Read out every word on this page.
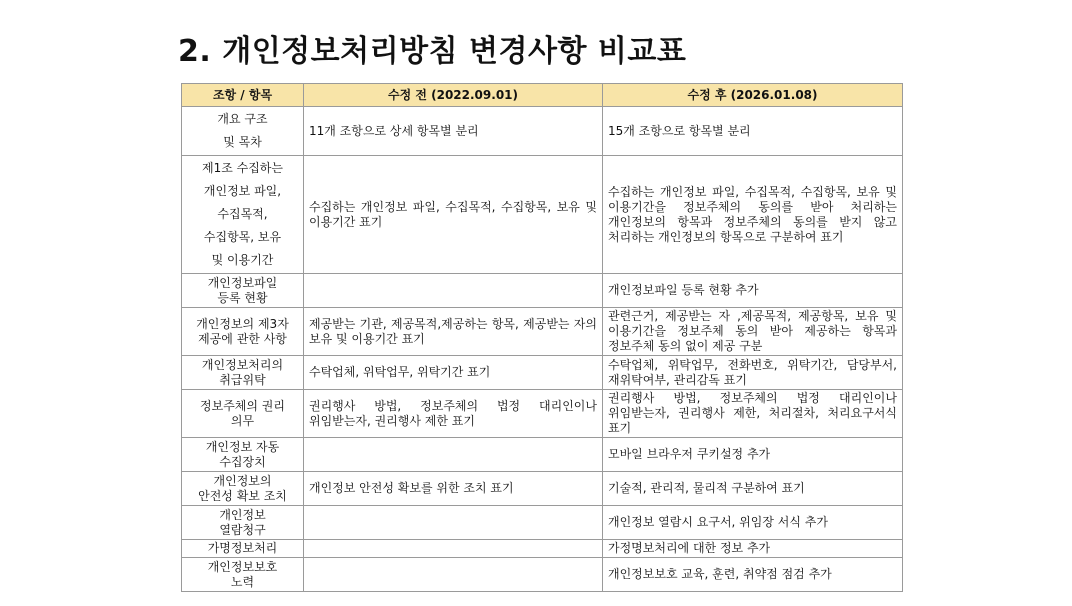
2. 개인정보처리방침 변경사항 비교표
조항 / 항목	수정 전 (2022.09.01)	수정 후 (2026.01.08)
개요 구조
및 목차	11개 조항으로 상세 항목별 분리	15개 조항으로 항목별 분리
제1조 수집하는
개인정보 파일,
수집목적,
수집항목, 보유
및 이용기간	수집하는 개인정보 파일, 수집목적, 수집항목, 보유 및 이용기간 표기	수집하는 개인정보 파일, 수집목적, 수집항목, 보유 및 이용기간을 정보주체의 동의를 받아 처리하는 개인정보의 항목과 정보주체의 동의를 받지 않고 처리하는 개인정보의 항목으로 구분하여 표기
개인정보파일
등록 현황		개인정보파일 등록 현황 추가
개인정보의 제3자
제공에 관한 사항	제공받는 기관, 제공목적,제공하는 항목, 제공받는 자의 보유 및 이용기간 표기	관련근거, 제공받는 자 ,제공목적, 제공항목, 보유 및 이용기간을 정보주체 동의 받아 제공하는 항목과 정보주체 동의 없이 제공 구분
개인정보처리의
취급위탁	수탁업체, 위탁업무, 위탁기간 표기	수탁업체, 위탁업무, 전화번호, 위탁기간, 담당부서, 재위탁여부, 관리감독 표기
정보주체의 권리
의무	권리행사 방법, 정보주체의 법정 대리인이나 위임받는자, 권리행사 제한 표기	권리행사 방법, 정보주체의 법정 대리인이나 위임받는자, 권리행사 제한, 처리절차, 처리요구서식 표기
개인정보 자동
수집장치		모바일 브라우저 쿠키설정 추가
개인정보의
안전성 확보 조치	개인정보 안전성 확보를 위한 조치 표기	기술적, 관리적, 물리적 구분하여 표기
개인정보
열람청구		개인정보 열람시 요구서, 위임장 서식 추가
가명정보처리		가정명보처리에 대한 정보 추가
개인정보보호
노력		개인정보보호 교육, 훈련, 취약점 점검 추가
